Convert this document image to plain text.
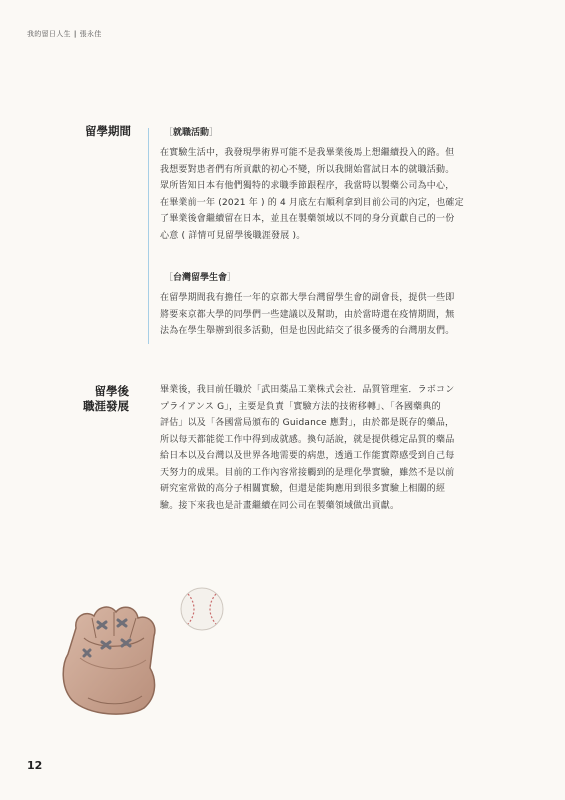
我的留日人生 | 張永佳
留學期間	［就職活動］
在實驗生活中，我發現學術界可能不是我畢業後馬上想繼續投入的路。但
我想要對患者們有所貢獻的初心不變，所以我開始嘗試日本的就職活動。
眾所皆知日本有他們獨特的求職季節跟程序，我當時以製藥公司為中心，
在畢業前一年 (2021 年 ) 的 4 月底左右順利拿到目前公司的內定，也確定
了畢業後會繼續留在日本，並且在製藥領域以不同的身分貢獻自己的一份
心意 ( 詳情可見留學後職涯發展 )。
［台灣留學生會］
在留學期間我有擔任一年的京都大學台灣留學生會的副會長，提供一些即
將要來京都大學的同學們一些建議以及幫助，由於當時還在疫情期間，無
法為在學生舉辦到很多活動，但是也因此結交了很多優秀的台灣朋友們。
留學後
職涯發展
畢業後，我目前任職於「武田薬品工業株式会社．品質管理室．ラボコン
プライアンス G」，主要是負責「實驗方法的技術移轉」、「各國藥典的
評估」以及「各國當局頒布的 Guidance 應對」，由於都是既存的藥品，
所以每天都能從工作中得到成就感。換句話說，就是提供穩定品質的藥品
給日本以及台灣以及世界各地需要的病患，透過工作能實際感受到自己每
天努力的成果。目前的工作內容常接觸到的是理化學實驗，雖然不是以前
研究室常做的高分子相關實驗，但還是能夠應用到很多實驗上相關的經
驗。接下來我也是計畫繼續在同公司在製藥領域做出貢獻。
12
